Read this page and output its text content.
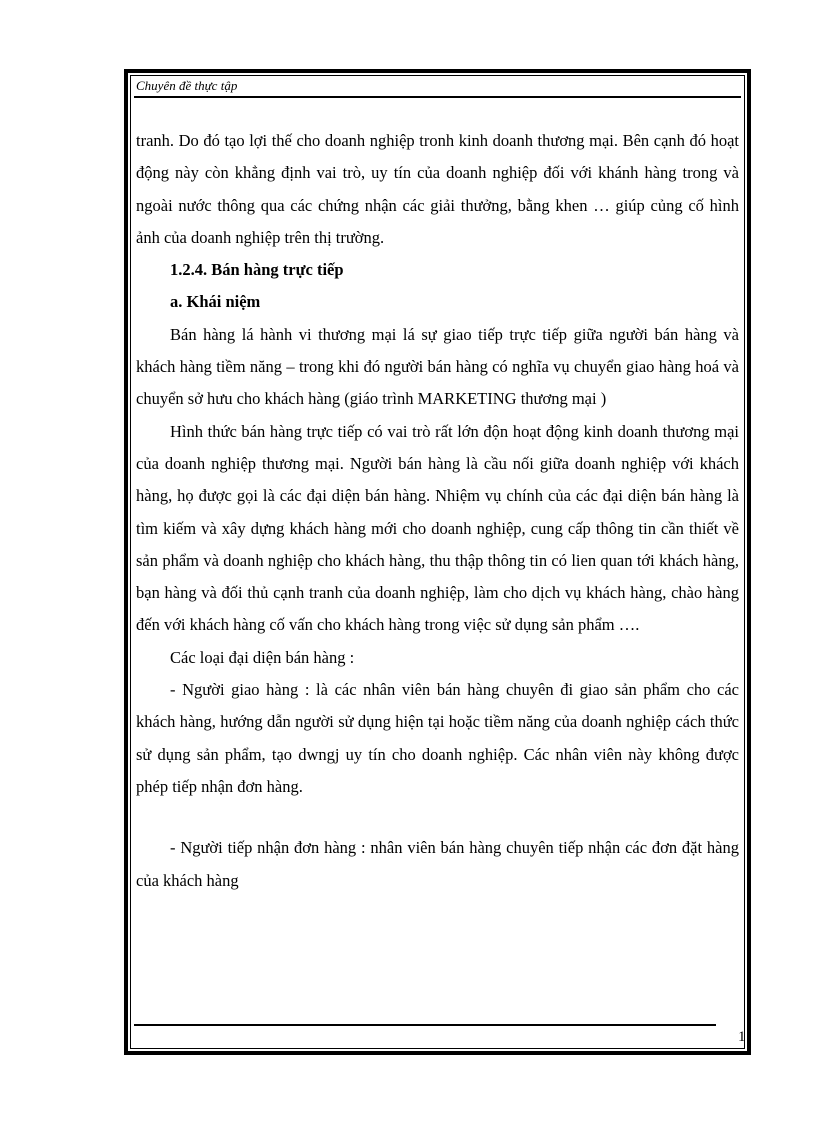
Chuyên đề thực tập

tranh. Do đó tạo lợi thế cho doanh nghiệp tronh kinh doanh thương mại. Bên cạnh đó hoạt động này còn khẳng định vai trò, uy tín của doanh nghiệp đối với khánh hàng trong và ngoài nước thông qua các chứng nhận các giải thưởng, bằng khen … giúp củng cố hình ảnh của doanh nghiệp trên thị trường.

1.2.4. Bán hàng trực tiếp

a. Khái niệm

Bán hàng lá hành vi thương mại lá sự giao tiếp trực tiếp giữa người bán hàng và khách hàng tiềm năng – trong khi đó người bán hàng có nghĩa vụ chuyển giao hàng hoá và chuyển sở hưu cho khách hàng (giáo trình MARKETING thương mại )

Hình thức bán hàng trực tiếp có vai trò rất lớn độn hoạt động kinh doanh thương mại của doanh nghiệp thương mại. Người bán hàng là cầu nối giữa doanh nghiệp với khách hàng, họ được gọi là các đại diện bán hàng. Nhiệm vụ chính của các đại diện bán hàng là tìm kiếm và xây dựng khách hàng mới cho doanh nghiệp, cung cấp thông tin cần thiết về sản phẩm và doanh nghiệp cho khách hàng, thu thập thông tin có lien quan tới khách hàng, bạn hàng và đối thủ cạnh tranh của doanh nghiệp, làm cho dịch vụ khách hàng, chào hàng đến với khách hàng cố vấn cho khách hàng trong việc sử dụng sản phẩm ….

Các loại đại diện bán hàng :

- Người giao hàng : là các nhân viên bán hàng chuyên đi giao sản phẩm cho các khách hàng, hướng dẫn người sử dụng hiện tại hoặc tiềm năng của doanh nghiệp cách thức sử dụng sản phẩm, tạo dwngj uy tín cho doanh nghiệp. Các nhân viên này không được phép tiếp nhận đơn hàng.

- Người tiếp nhận đơn hàng : nhân viên bán hàng chuyên tiếp nhận các đơn đặt hàng của khách hàng

1
